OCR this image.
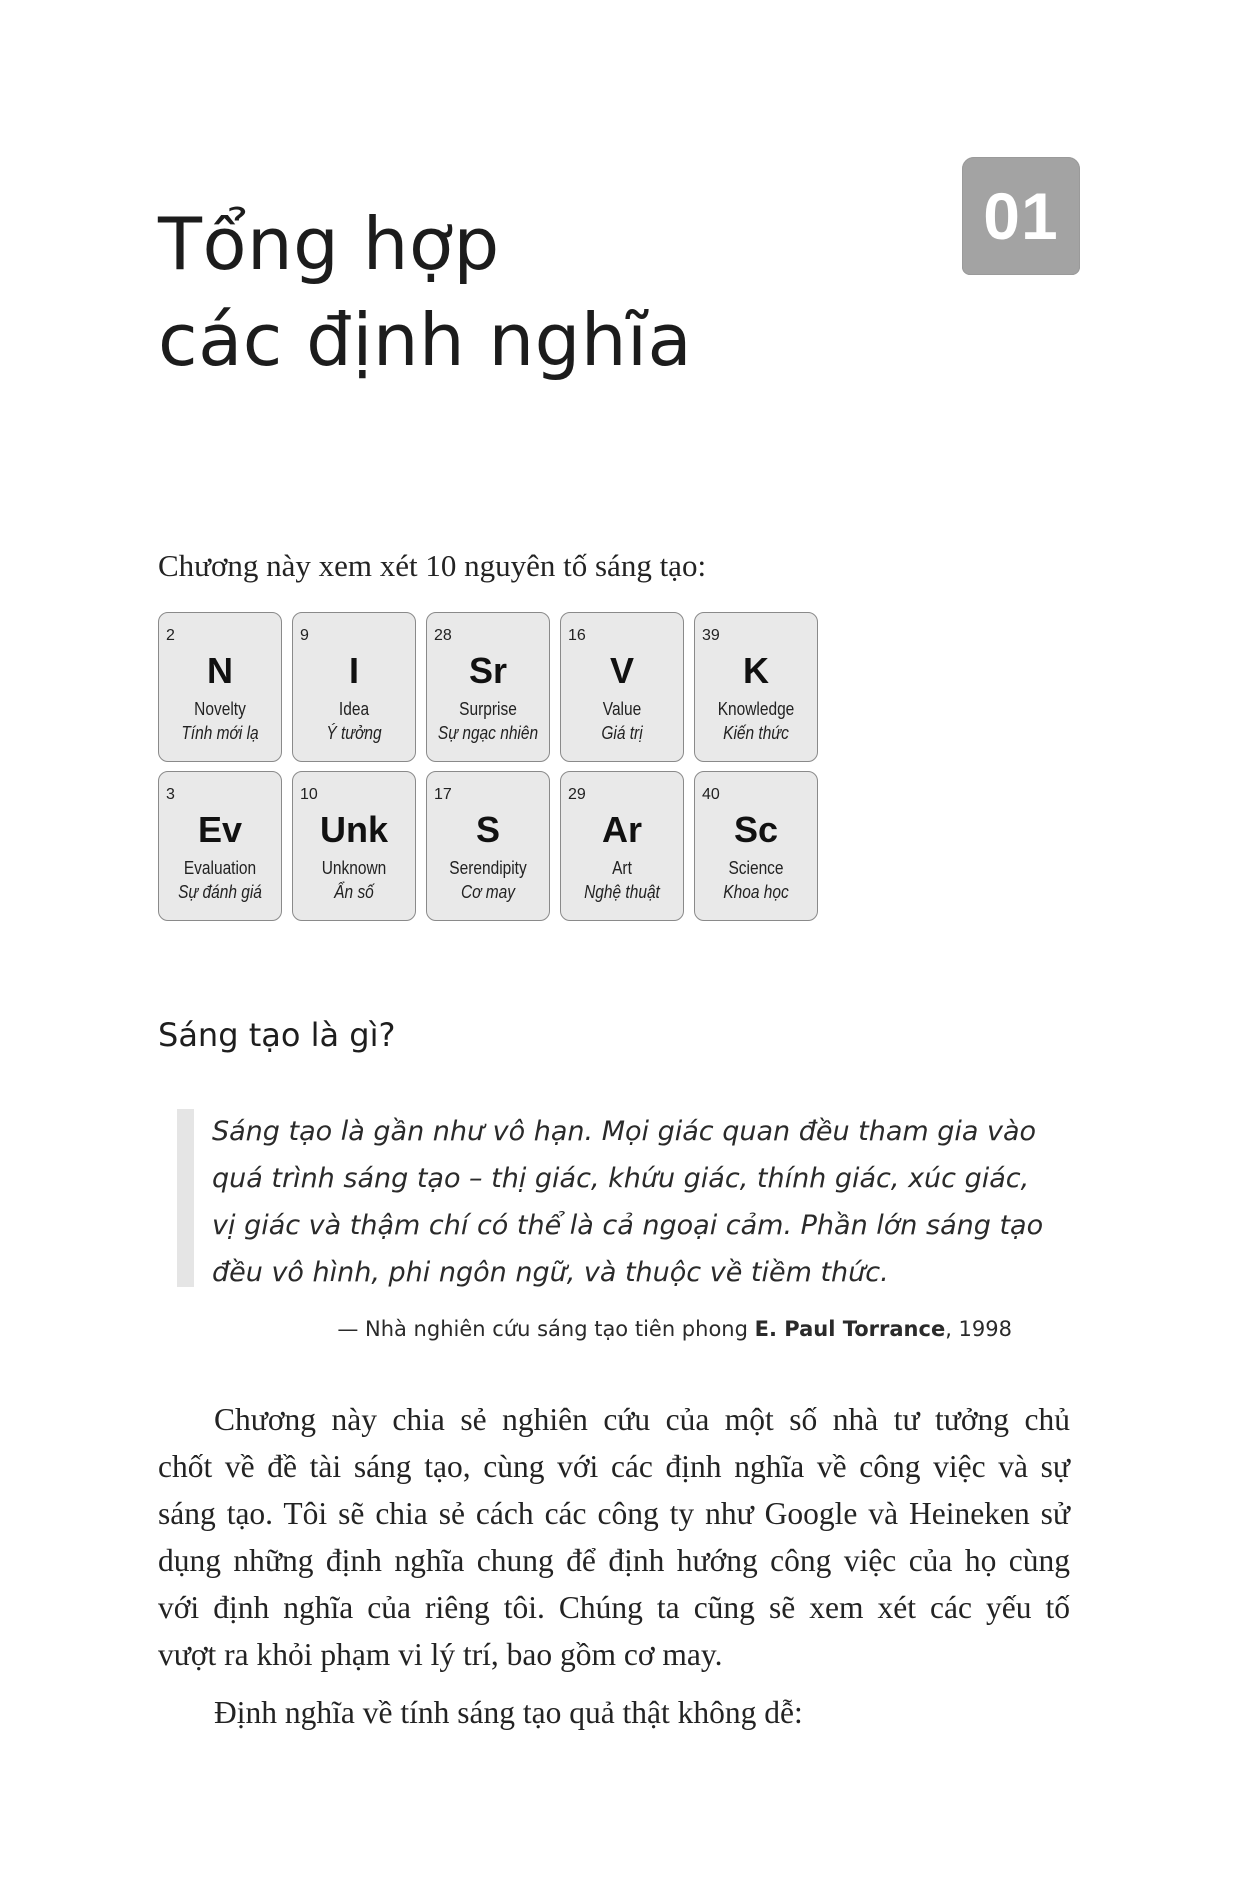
Tổng hợp
các định nghĩa
01

Chương này xem xét 10 nguyên tố sáng tạo:

2
N
Novelty
Tính mới lạ
9
I
Idea
Ý tưởng
28
Sr
Surprise
Sự ngạc nhiên
16
V
Value
Giá trị
39
K
Knowledge
Kiến thức
3
Ev
Evaluation
Sự đánh giá
10
Unk
Unknown
Ẩn số
17
S
Serendipity
Cơ may
29
Ar
Art
Nghệ thuật
40
Sc
Science
Khoa học
Sáng tạo là gì?
Sáng tạo là gần như vô hạn. Mọi giác quan đều tham gia vào
quá trình sáng tạo – thị giác, khứu giác, thính giác, xúc giác,
vị giác và thậm chí có thể là cả ngoại cảm. Phần lớn sáng tạo
đều vô hình, phi ngôn ngữ, và thuộc về tiềm thức.

— Nhà nghiên cứu sáng tạo tiên phong E. Paul Torrance, 1998

Chương này chia sẻ nghiên cứu của một số nhà tư tưởng chủ
chốt về đề tài sáng tạo, cùng với các định nghĩa về công việc và sự
sáng tạo. Tôi sẽ chia sẻ cách các công ty như Google và Heineken sử
dụng những định nghĩa chung để định hướng công việc của họ cùng
với định nghĩa của riêng tôi. Chúng ta cũng sẽ xem xét các yếu tố
vượt ra khỏi phạm vi lý trí, bao gồm cơ may.

Định nghĩa về tính sáng tạo quả thật không dễ:
